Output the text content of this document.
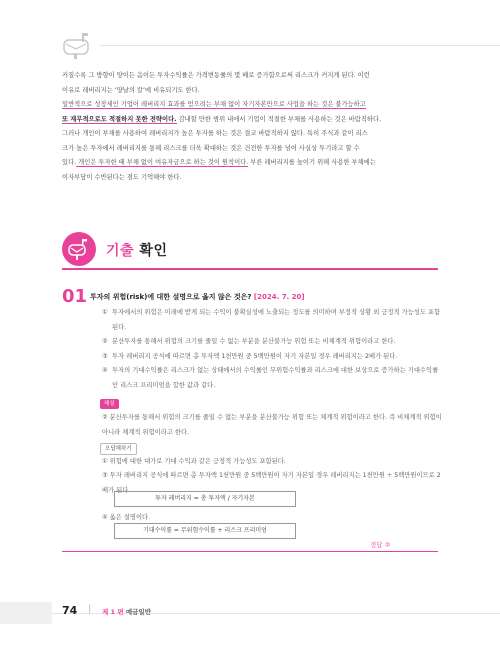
커질수록 그 방향이 양이든 음이든 투자수익률은 가격변동률의 몇 배로 증가함으로써 리스크가 커지게 된다. 이런

이유로 레버리지는 ‘양날의 칼’에 비유되기도 한다.

일반적으로 성장세인 기업이 레버리지 효과를 얻으려는 부채 없이 자기자본만으로 사업을 하는 것은 불가능하고

또 재무적으로도 적절하지 못한 전략이다. 감내할 만한 범위 내에서 기업이 적절한 부채를 사용하는 것은 바람직하다.

그러나 개인이 부채를 사용하여 레버리지가 높은 투자를 하는 것은 결코 바람직하지 않다. 특히 주식과 같이 리스

크가 높은 투자에서 레버리지를 통해 리스크를 더욱 확대하는 것은 건전한 투자를 넘어 사실상 투기라고 할 수

있다. 개인은 투자한 때 부채 없이 여유자금으로 하는 것이 원칙이다. 부른 레버리지를 높이기 위해 사용한 부채에는

이자부담이 수반된다는 점도 기억해야 한다.

기출 확인
01 투자의 위험(risk)에 대한 설명으로 옳지 않은 것은? [2024. 7. 20]
① 투자에서의 위험은 미래에 받게 되는 수익이 불확실성에 노출되는 정도를 의미하며 부정적 상황 외 긍정적 가능성도 포함된다.
② 분산투자를 통해서 위험의 크기를 줄일 수 없는 부분을 분산불가능 위험 또는 비체계적 위험이라고 한다.
③ 투자 레버리지 공식에 따르면 총 투자액 1천만원 중 5백만원이 자기 자본일 경우 레버리지는 2배가 된다.
④ 투자의 기대수익률은 리스크가 없는 상태에서의 수익률인 무위험수익률과 리스크에 대한 보상으로 증가하는 기대수익률인 리스크 프리미엄을 합한 값과 같다.
해설
② 분산투자를 통해서 위험의 크기를 줄일 수 없는 부분을 분산불가능 위험 또는 체계적 위험이라고 한다. 즉 비체계적 위험이 아니라 체계적 위험이라고 한다.
오답해하기
① 위험에 대한 대가로 기대 수익과 같은 긍정적 가능성도 포함된다.
③ 투자 레버리지 공식에 따르면 총 투자액 1천만원 중 5백만원이 자기 자본일 경우 레버리지는 1천만원 ÷ 5백만원이므로 2배가 된다.
투자 레버리지 = 총 투자액 / 자기자본
④ 옳은 설명이다.
기대수익률 = 무위험수익률 + 리스크 프리미엄
정답 ②
74 | 제 1 편 예금일반
